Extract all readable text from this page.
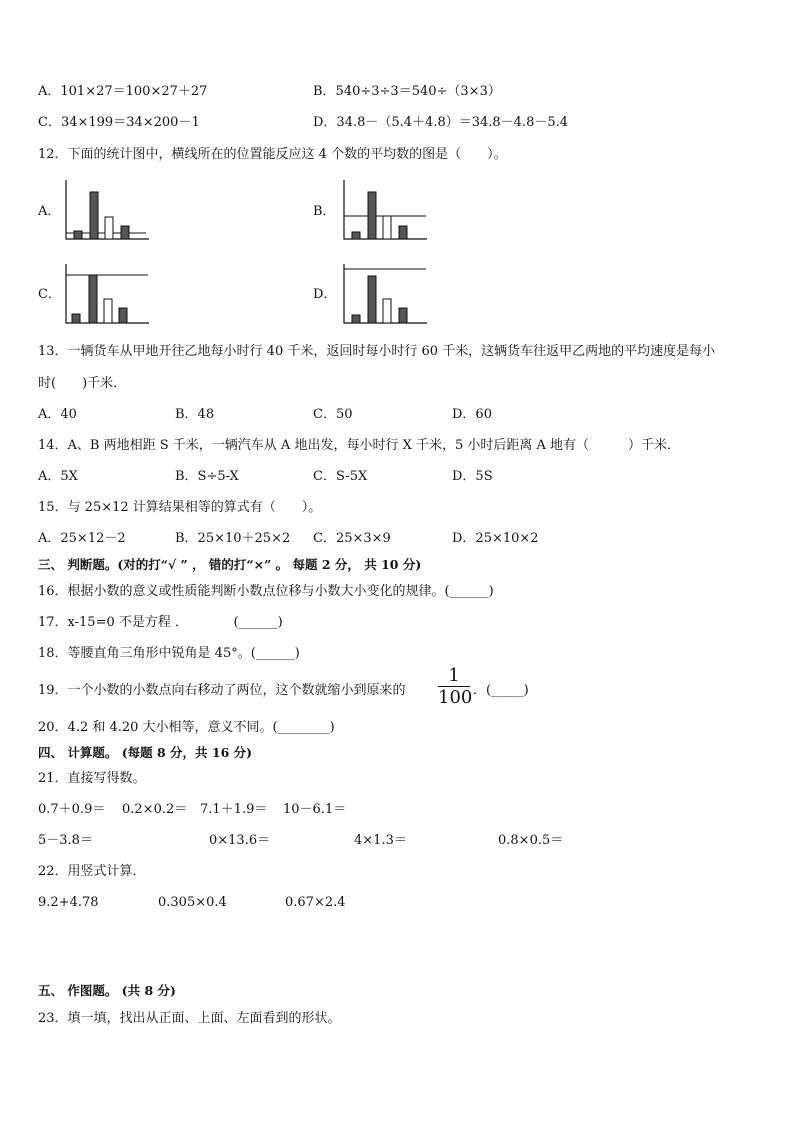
A．101×27＝100×27＋27	B．540÷3÷3＝540÷（3×3）
C．34×199＝34×200－1	D．34.8－（5.4＋4.8）＝34.8－4.8－5.4
12．下面的统计图中，横线所在的位置能反应这 4 个数的平均数的图是（　　）。
A．	B．
C．	D．
13．一辆货车从甲地开往乙地每小时行 40 千米，返回时每小时行 60 千米，这辆货车往返甲乙两地的平均速度是每小
时(　　)千米．
A．40	B．48	C．50	D．60
14．A、B 两地相距 S 千米，一辆汽车从 A 地出发，每小时行 X 千米，5 小时后距离 A 地有（　　　）千米．
A．5X	B．S÷5-X	C．S-5X	D．5S
15．与 25×12 计算结果相等的算式有（　　）。
A．25×12－2	B．25×10＋25×2 C．25×3×9	D．25×10×2
三、 判断题。(对的打“√ ” ， 错的打“×” 。 每题 2 分， 共 10 分)
16．根据小数的意义或性质能判断小数点位移与小数大小变化的规律。(______)
17．x-15=0 不是方程 ．　　　　(______)
18．等腰直角三角形中锐角是 45°。(______)
19．一个小数的小数点向右移动了两位，这个数就缩小到原来的
1
100 ．(_____)
20．4.2 和 4.20 大小相等，意义不同。(________)
四、 计算题。 (每题 8 分，共 16 分)
21．直接写得数。
0.7＋0.9＝ 0.2×0.2＝ 7.1＋1.9＝ 10－6.1＝
5－3.8＝	0×13.6＝	4×1.3＝	0.8×0.5＝
22．用竖式计算．
9.2+4.78	0.305×0.4	0.67×2.4
五、 作图题。 (共 8 分)
23．填一填，找出从正面、上面、左面看到的形状。
